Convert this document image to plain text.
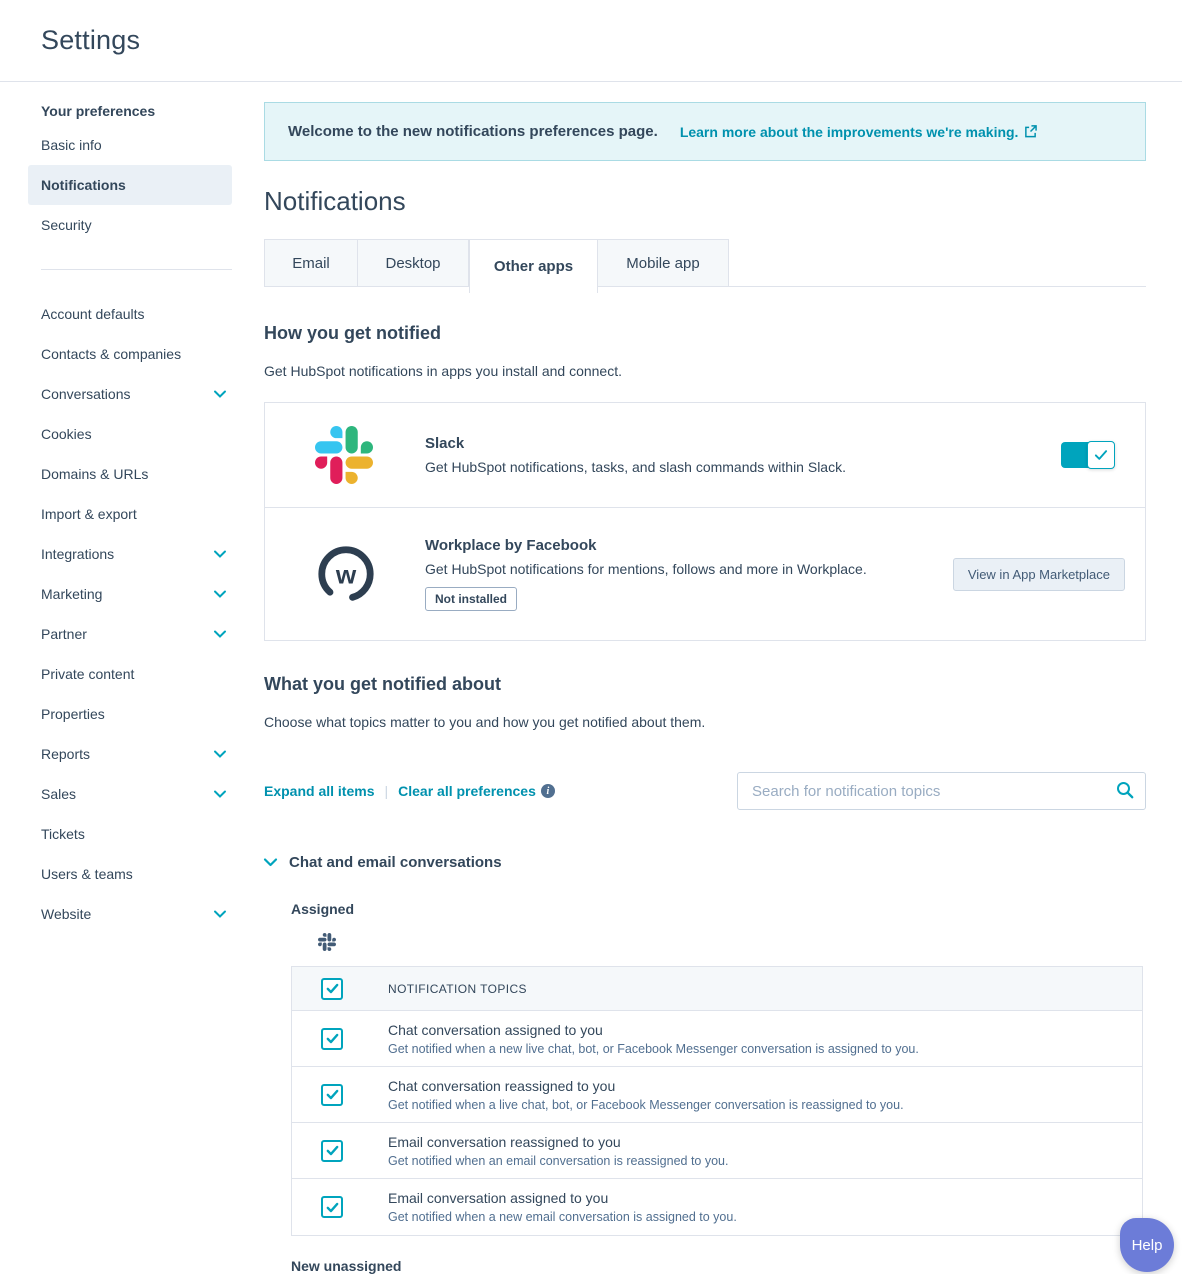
Settings
Your preferences
Basic info
Notifications
Security
Account defaults
Contacts & companies
Conversations
Cookies
Domains & URLs
Import & export
Integrations
Marketing
Partner
Private content
Properties
Reports
Sales
Tickets
Users & teams
Website
Welcome to the new notifications preferences page. Learn more about the improvements we're making.
Notifications
Email	Desktop	Other apps	Mobile app
How you get notified
Get HubSpot notifications in apps you install and connect.
Slack
Get HubSpot notifications, tasks, and slash commands within Slack.
w
Workplace by Facebook
Get HubSpot notifications for mentions, follows and more in Workplace.
Not installed
View in App Marketplace
What you get notified about
Choose what topics matter to you and how you get notified about them.
Expand all items | Clear all preferences	i
Search for notification topics
Chat and email conversations
Assigned
NOTIFICATION TOPICS
Chat conversation assigned to you
Get notified when a new live chat, bot, or Facebook Messenger conversation is assigned to you.
Chat conversation reassigned to you
Get notified when a live chat, bot, or Facebook Messenger conversation is reassigned to you.
Email conversation reassigned to you
Get notified when an email conversation is reassigned to you.
Email conversation assigned to you
Get notified when a new email conversation is assigned to you.
New unassigned
Help
